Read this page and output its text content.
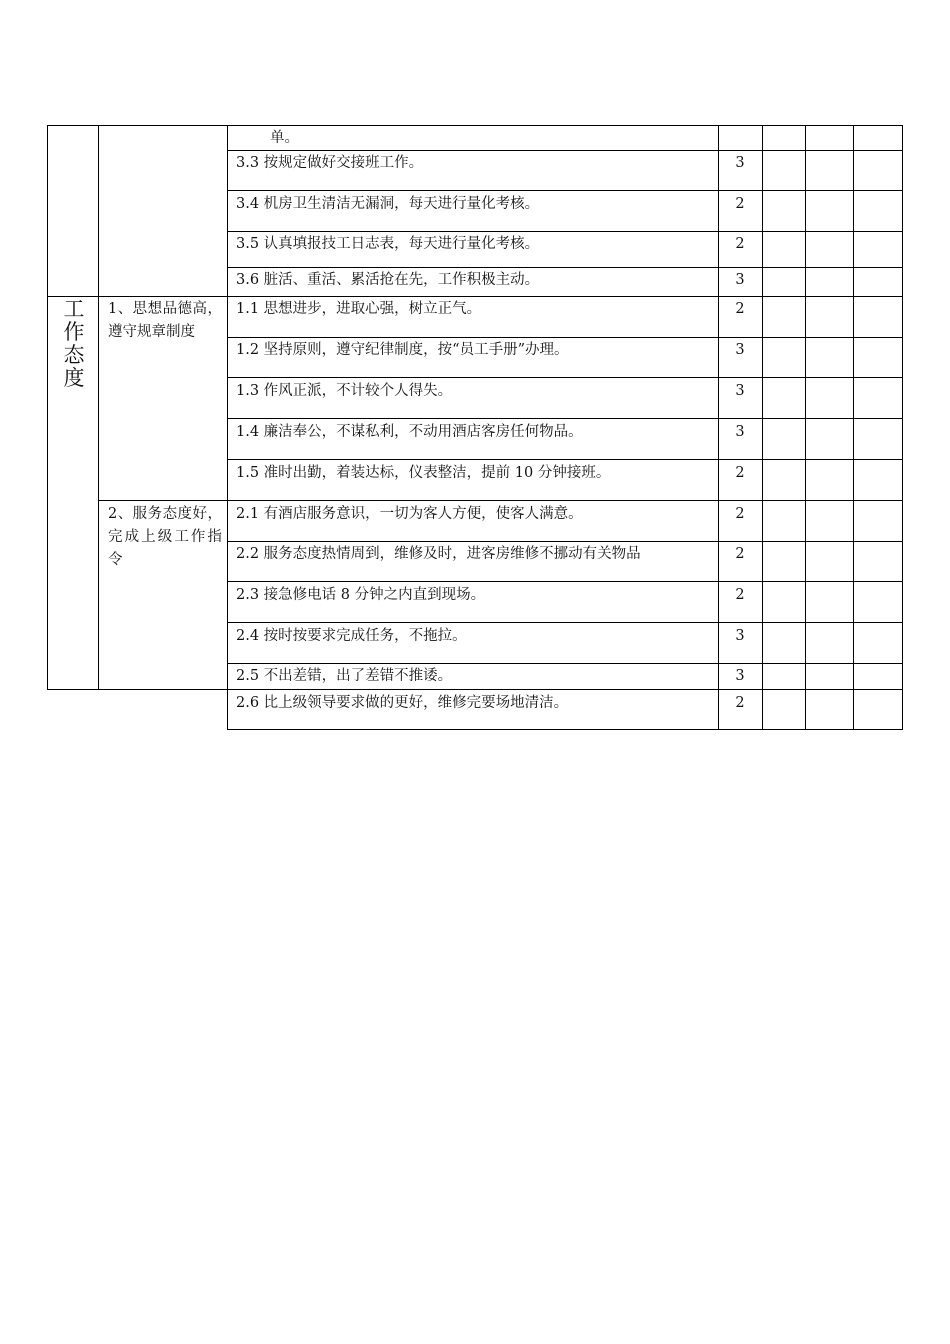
工
作
态
度
1、思想品德高，遵守规章制度
2、服务态度好，完成上级工作指令
单。
3.3 按规定做好交接班工作。
3.4 机房卫生清洁无漏洞，每天进行量化考核。
3.5 认真填报技工日志表，每天进行量化考核。
3.6 脏活、重活、累活抢在先，工作积极主动。
1.1 思想进步，进取心强，树立正气。
1.2 坚持原则，遵守纪律制度，按“员工手册”办理。
1.3 作风正派，不计较个人得失。
1.4 廉洁奉公，不谋私利，不动用酒店客房任何物品。
1.5 准时出勤，着装达标，仪表整洁，提前 10 分钟接班。
2.1 有酒店服务意识，一切为客人方便，使客人满意。
2.2 服务态度热情周到，维修及时，进客房维修不挪动有关物品
2.3 接急修电话 8 分钟之内直到现场。
2.4 按时按要求完成任务，不拖拉。
2.5 不出差错，出了差错不推诿。
2.6 比上级领导要求做的更好，维修完要场地清洁。
3
2
2
3
2
3
3
3
2
2
2
2
3
3
2
